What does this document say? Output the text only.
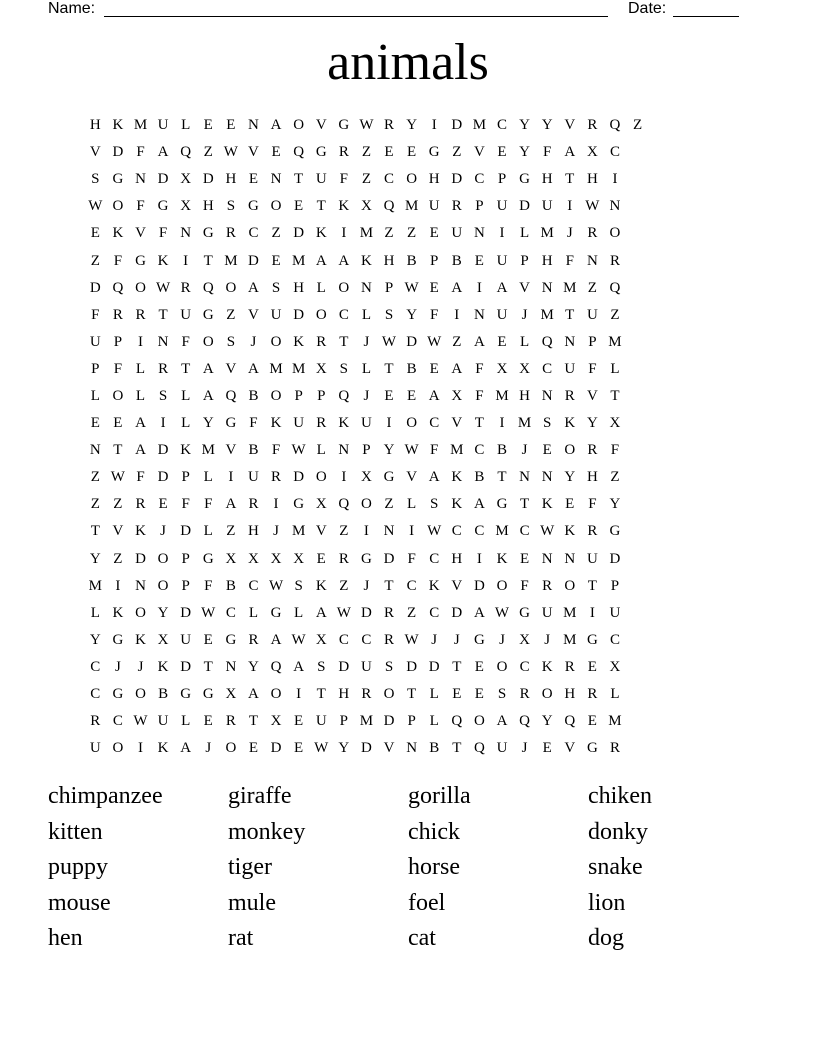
Name:	Date:
animals
H K M U L E E N A O V G W R Y I D M C Y Y V R Q Z
V D F A Q Z W V E Q G R Z E E G Z V E Y F A X C
S G N D X D H E N T U F Z C O H D C P G H T H I
W O F G X H S G O E T K X Q M U R P U D U I W N
E K V F N G R C Z D K I M Z Z E U N I	L M J R O
Z F G K I	T M D E M A A K H B P B E U P H F N R
D Q O W R Q O A S H L O N P W E A I A V N M Z Q
F R R T U G Z V U D O C L S Y F	I N U J M T U Z
U P	I N F O S	J O K R T	J W D W Z A E L Q N P M
P F L R T A V A M M X S L T B E A F X X C U F L
L O L S L A Q B O P P Q J	E E A X F M H N R V T
E E A I	L Y G F K U R K U I O C V T	I M S K Y X
N T A D K M V B F W L N P Y W F M C B J	E O R F
Z W F D P L	I U R D O I X G V A K B T N N Y H Z
Z Z R E F F A R	I G X Q O Z L S K A G T K E F Y
T V K J D L Z H J M V Z	I N I W C C M C W K R G
Y Z D O P G X X X X E R G D F C H I K E N N U D
M I N O P F B C W S K Z	J	T C K V D O F R O T P
L K O Y D W C L G L A W D R Z C D A W G U M I U
Y G K X U E G R A W X C C R W J	J G J X J M G C
C J	J K D T N Y Q A S D U S D D T E O C K R E X
C G O B G G X A O I	T H R O T L E E S R O H R L
R C W U L E R T X E U P M D P L Q O A Q Y Q E M
U O I K A J O E D E W Y D V N B T Q U J	E V G R
chimpanzee	giraffe	gorilla	chiken
kitten	monkey	chick	donky
puppy	tiger	horse	snake
mouse	mule	foel	lion
hen	rat	cat	dog
